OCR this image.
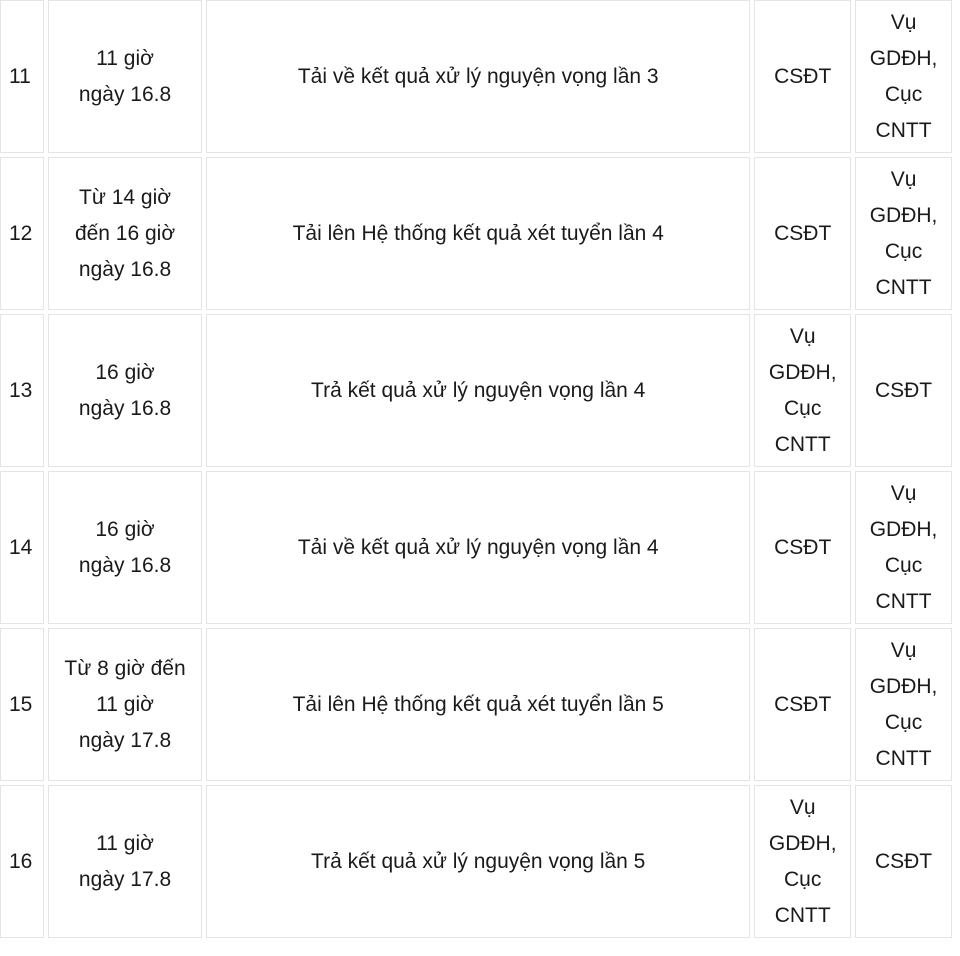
11	11 giờ
ngày 16.8	Tải về kết quả xử lý nguyện vọng lần 3	CSĐT	Vụ
GDĐH,
Cục
CNTT

12	Từ 14 giờ
đến 16 giờ
ngày 16.8	Tải lên Hệ thống kết quả xét tuyển lần 4	CSĐT	Vụ
GDĐH,
Cục
CNTT

13	16 giờ
ngày 16.8	Trả kết quả xử lý nguyện vọng lần 4	Vụ
GDĐH,
Cục
CNTT	CSĐT

14	16 giờ
ngày 16.8	Tải về kết quả xử lý nguyện vọng lần 4	CSĐT	Vụ
GDĐH,
Cục
CNTT

15	Từ 8 giờ đến
11 giờ
ngày 17.8	Tải lên Hệ thống kết quả xét tuyển lần 5	CSĐT	Vụ
GDĐH,
Cục
CNTT

16	11 giờ
ngày 17.8	Trả kết quả xử lý nguyện vọng lần 5	Vụ
GDĐH,
Cục
CNTT	CSĐT
